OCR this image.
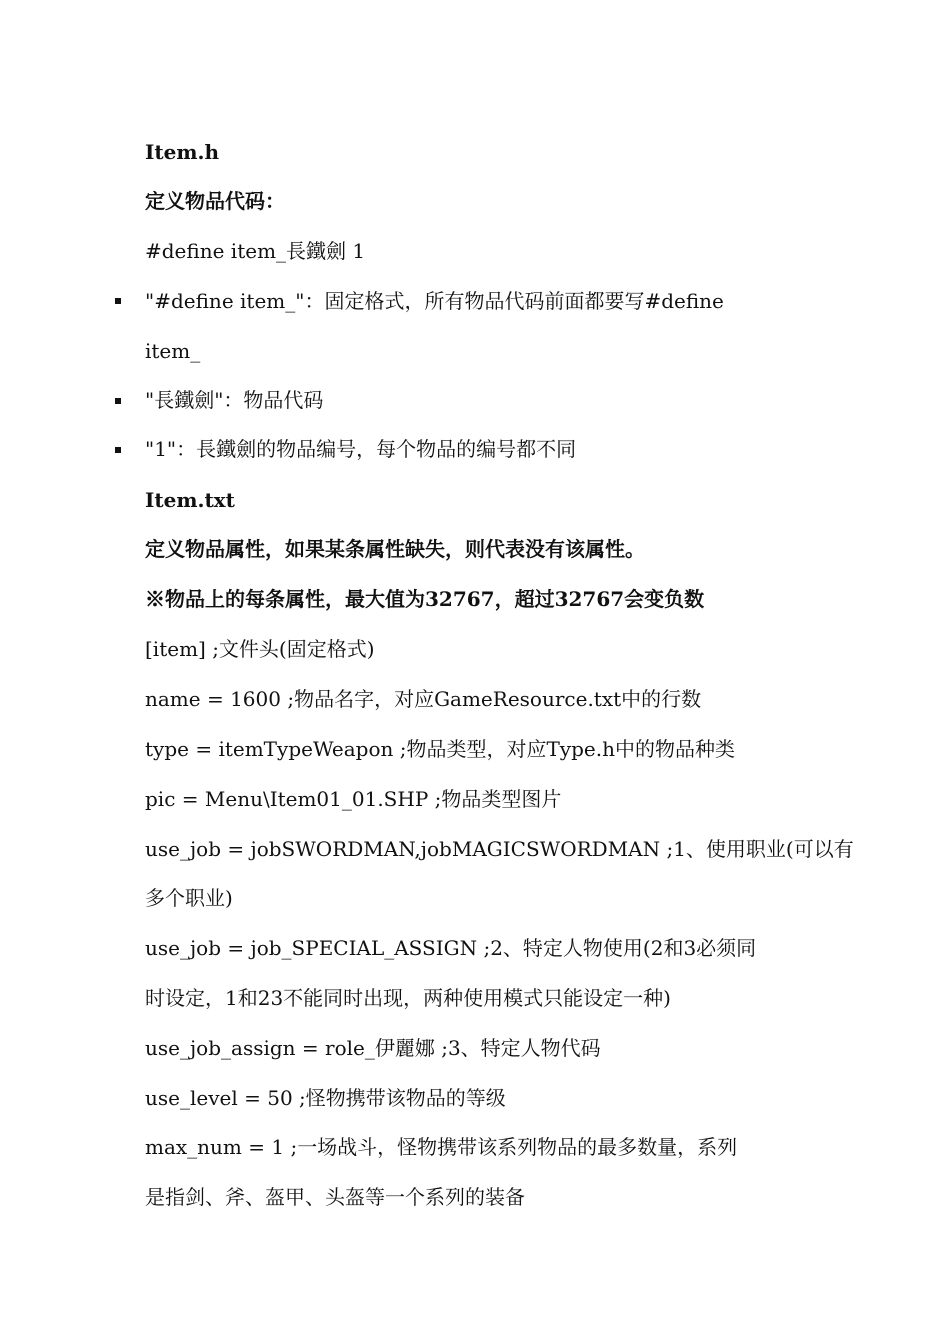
Item.h
定义物品代码：
#define item_長鐵劍 1
"#define item_"：固定格式，所有物品代码前面都要写#define
item_
"長鐵劍"：物品代码
"1"：長鐵劍的物品编号，每个物品的编号都不同
Item.txt
定义物品属性，如果某条属性缺失，则代表没有该属性。
※物品上的每条属性，最大值为32767，超过32767会变负数
[item] ;文件头(固定格式)
name = 1600 ;物品名字，对应GameResource.txt中的行数
type = itemTypeWeapon ;物品类型，对应Type.h中的物品种类
pic = Menu\Item01_01.SHP ;物品类型图片
use_job = jobSWORDMAN,jobMAGICSWORDMAN ;1、使用职业(可以有
多个职业)
use_job = job_SPECIAL_ASSIGN ;2、特定人物使用(2和3必须同
时设定，1和23不能同时出现，两种使用模式只能设定一种)
use_job_assign = role_伊麗娜 ;3、特定人物代码
use_level = 50 ;怪物携带该物品的等级
max_num = 1 ;一场战斗，怪物携带该系列物品的最多数量，系列
是指剑、斧、盔甲、头盔等一个系列的装备
